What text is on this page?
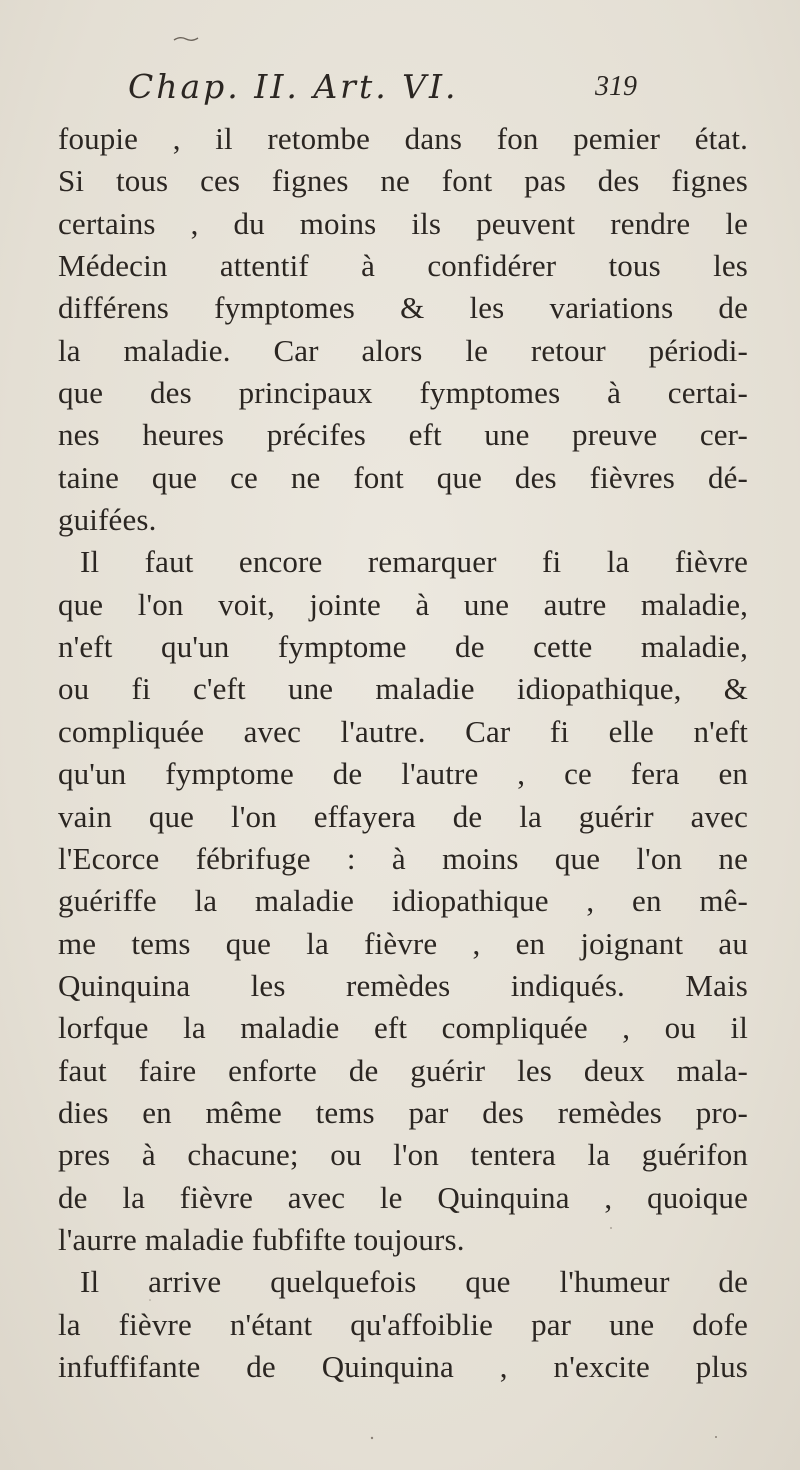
Chap. II. Art. VI.	319
foupie , il retombe dans fon pemier état.
Si tous ces fignes ne font pas des fignes
certains , du moins ils peuvent rendre le
Médecin attentif à confidérer tous les
différens fymptomes & les variations de
la maladie. Car alors le retour périodi-
que des principaux fymptomes à certai-
nes heures précifes eft une preuve cer-
taine que ce ne font que des fièvres dé-
guifées.
Il faut encore remarquer fi la fièvre
que l'on voit, jointe à une autre maladie,
n'eft qu'un fymptome de cette maladie,
ou fi c'eft une maladie idiopathique, &
compliquée avec l'autre. Car fi elle n'eft
qu'un fymptome de l'autre , ce fera en
vain que l'on effayera de la guérir avec
l'Ecorce fébrifuge : à moins que l'on ne
guériffe la maladie idiopathique , en mê-
me tems que la fièvre , en joignant au
Quinquina les remèdes indiqués. Mais
lorfque la maladie eft compliquée , ou il
faut faire enforte de guérir les deux mala-
dies en même tems par des remèdes pro-
pres à chacune; ou l'on tentera la guérifon
de la fièvre avec le Quinquina , quoique
l'aurre maladie fubfifte toujours.
Il arrive quelquefois que l'humeur de
la fièvre n'étant qu'affoiblie par une dofe
infuffifante de Quinquina , n'excite plus
